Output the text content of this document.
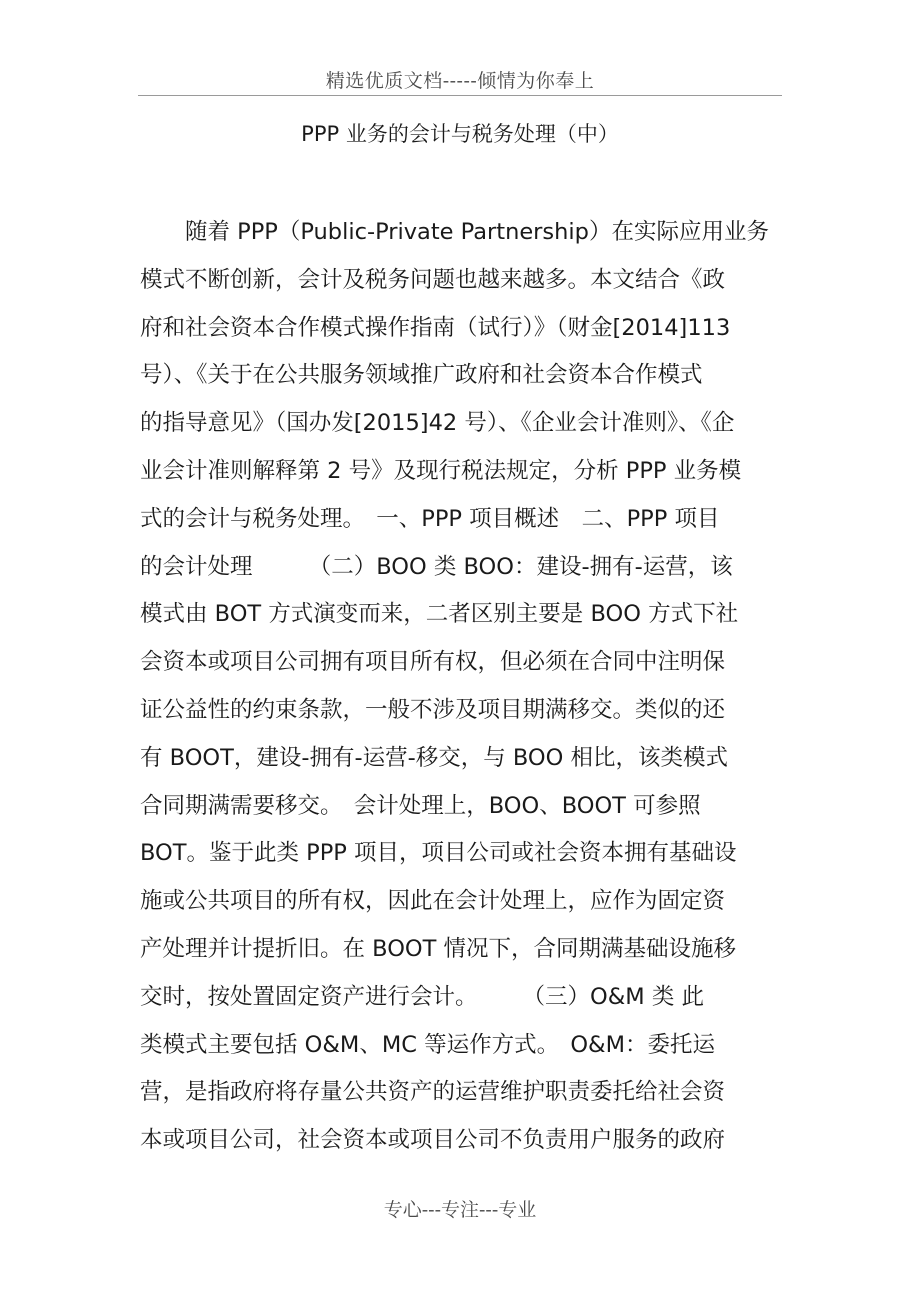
精选优质文档-----倾情为你奉上
PPP 业务的会计与税务处理（中）
　　随着 PPP（Public-Private Partnership）在实际应用业务
模式不断创新，会计及税务问题也越来越多。本文结合《政
府和社会资本合作模式操作指南（试行）》（财金[2014]113
号）、《关于在公共服务领域推广政府和社会资本合作模式
的指导意见》（国办发[2015]42 号）、《企业会计准则》、《企
业会计准则解释第 2 号》及现行税法规定，分析 PPP 业务模
式的会计与税务处理。　一、PPP 项目概述　二、PPP 项目
的会计处理　　　（二）BOO 类 BOO：建设-拥有-运营，该
模式由 BOT 方式演变而来，二者区别主要是 BOO 方式下社
会资本或项目公司拥有项目所有权，但必须在合同中注明保
证公益性的约束条款，一般不涉及项目期满移交。类似的还
有 BOOT，建设-拥有-运营-移交，与 BOO 相比，该类模式
合同期满需要移交。　会计处理上，BOO、BOOT 可参照
BOT。鉴于此类 PPP 项目，项目公司或社会资本拥有基础设
施或公共项目的所有权，因此在会计处理上，应作为固定资
产处理并计提折旧。在 BOOT 情况下，合同期满基础设施移
交时，按处置固定资产进行会计。　　　（三）O&M 类 此
类模式主要包括 O&M、MC 等运作方式。　O&M：委托运
营，是指政府将存量公共资产的运营维护职责委托给社会资
本或项目公司，社会资本或项目公司不负责用户服务的政府
专心---专注---专业
